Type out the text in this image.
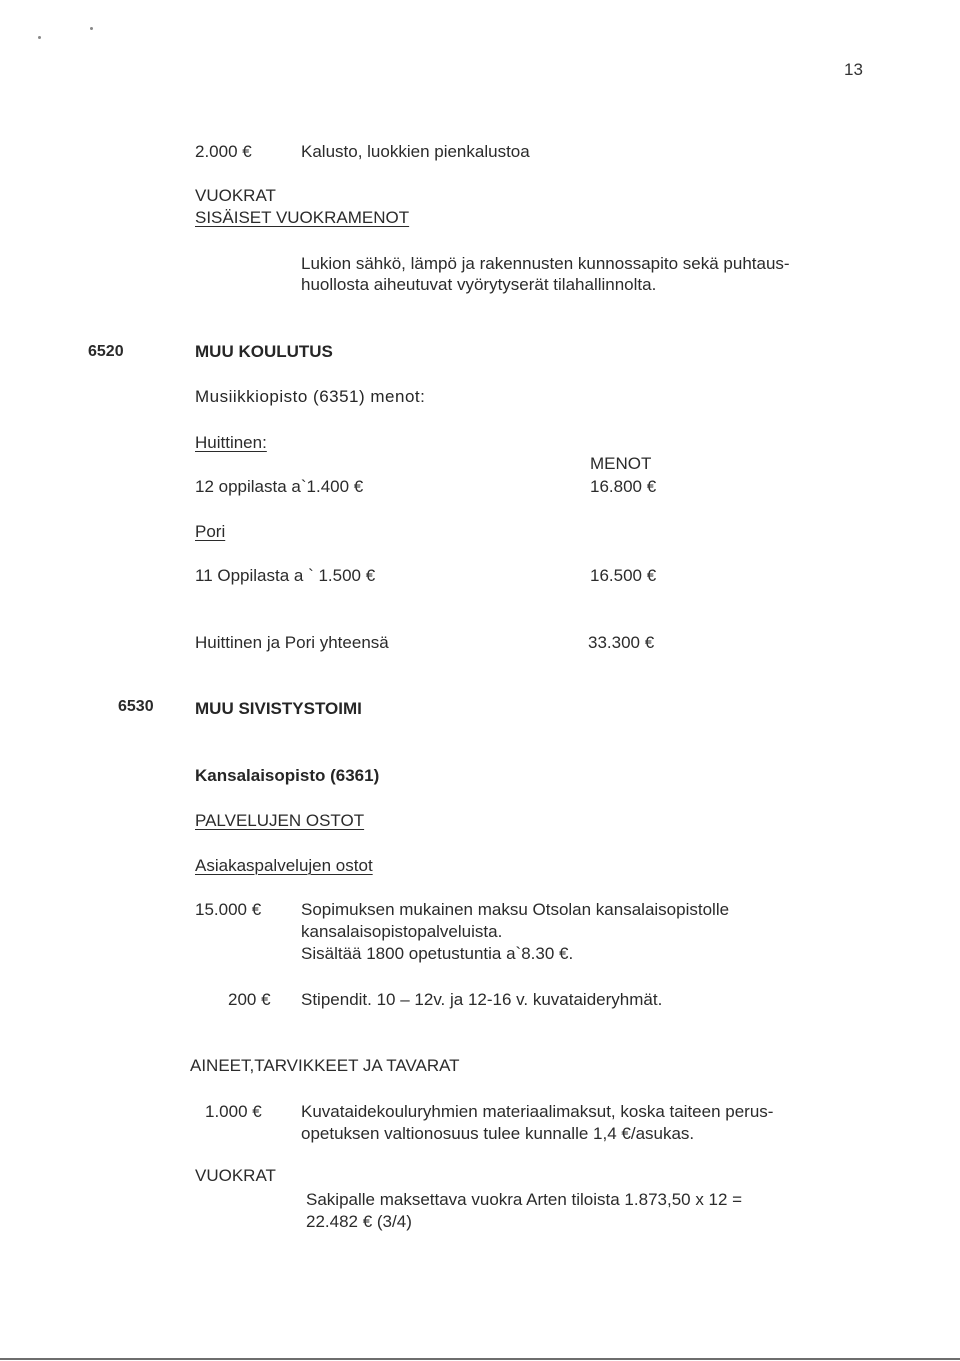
13
2.000 €	Kalusto, luokkien pienkalustoa
VUOKRAT
SISÄISET VUOKRAMENOT
Lukion sähkö, lämpö ja rakennusten kunnossapito sekä puhtaus-
huollosta aiheutuvat vyörytyserät tilahallinnolta.
6520	MUU KOULUTUS
Musiikkiopisto (6351) menot:
Huittinen:
MENOT
12 oppilasta a`1.400 €	16.800 €
Pori
11 Oppilasta a ` 1.500 €	16.500 €
Huittinen ja Pori yhteensä	33.300 €
6530 MUU SIVISTYSTOIMI
Kansalaisopisto (6361)
PALVELUJEN OSTOT
Asiakaspalvelujen ostot
15.000 € Sopimuksen mukainen maksu Otsolan kansalaisopistolle
kansalaisopistopalveluista.
Sisältää 1800 opetustuntia a`8.30 €.
200 € Stipendit. 10 – 12v. ja 12-16 v. kuvataideryhmät.
AINEET,TARVIKKEET JA TAVARAT
1.000 € Kuvataidekouluryhmien materiaalimaksut, koska taiteen perus-
opetuksen valtionosuus tulee kunnalle 1,4 €/asukas.
VUOKRAT
Sakipalle maksettava vuokra Arten tiloista 1.873,50 x 12 =
22.482 € (3/4)
